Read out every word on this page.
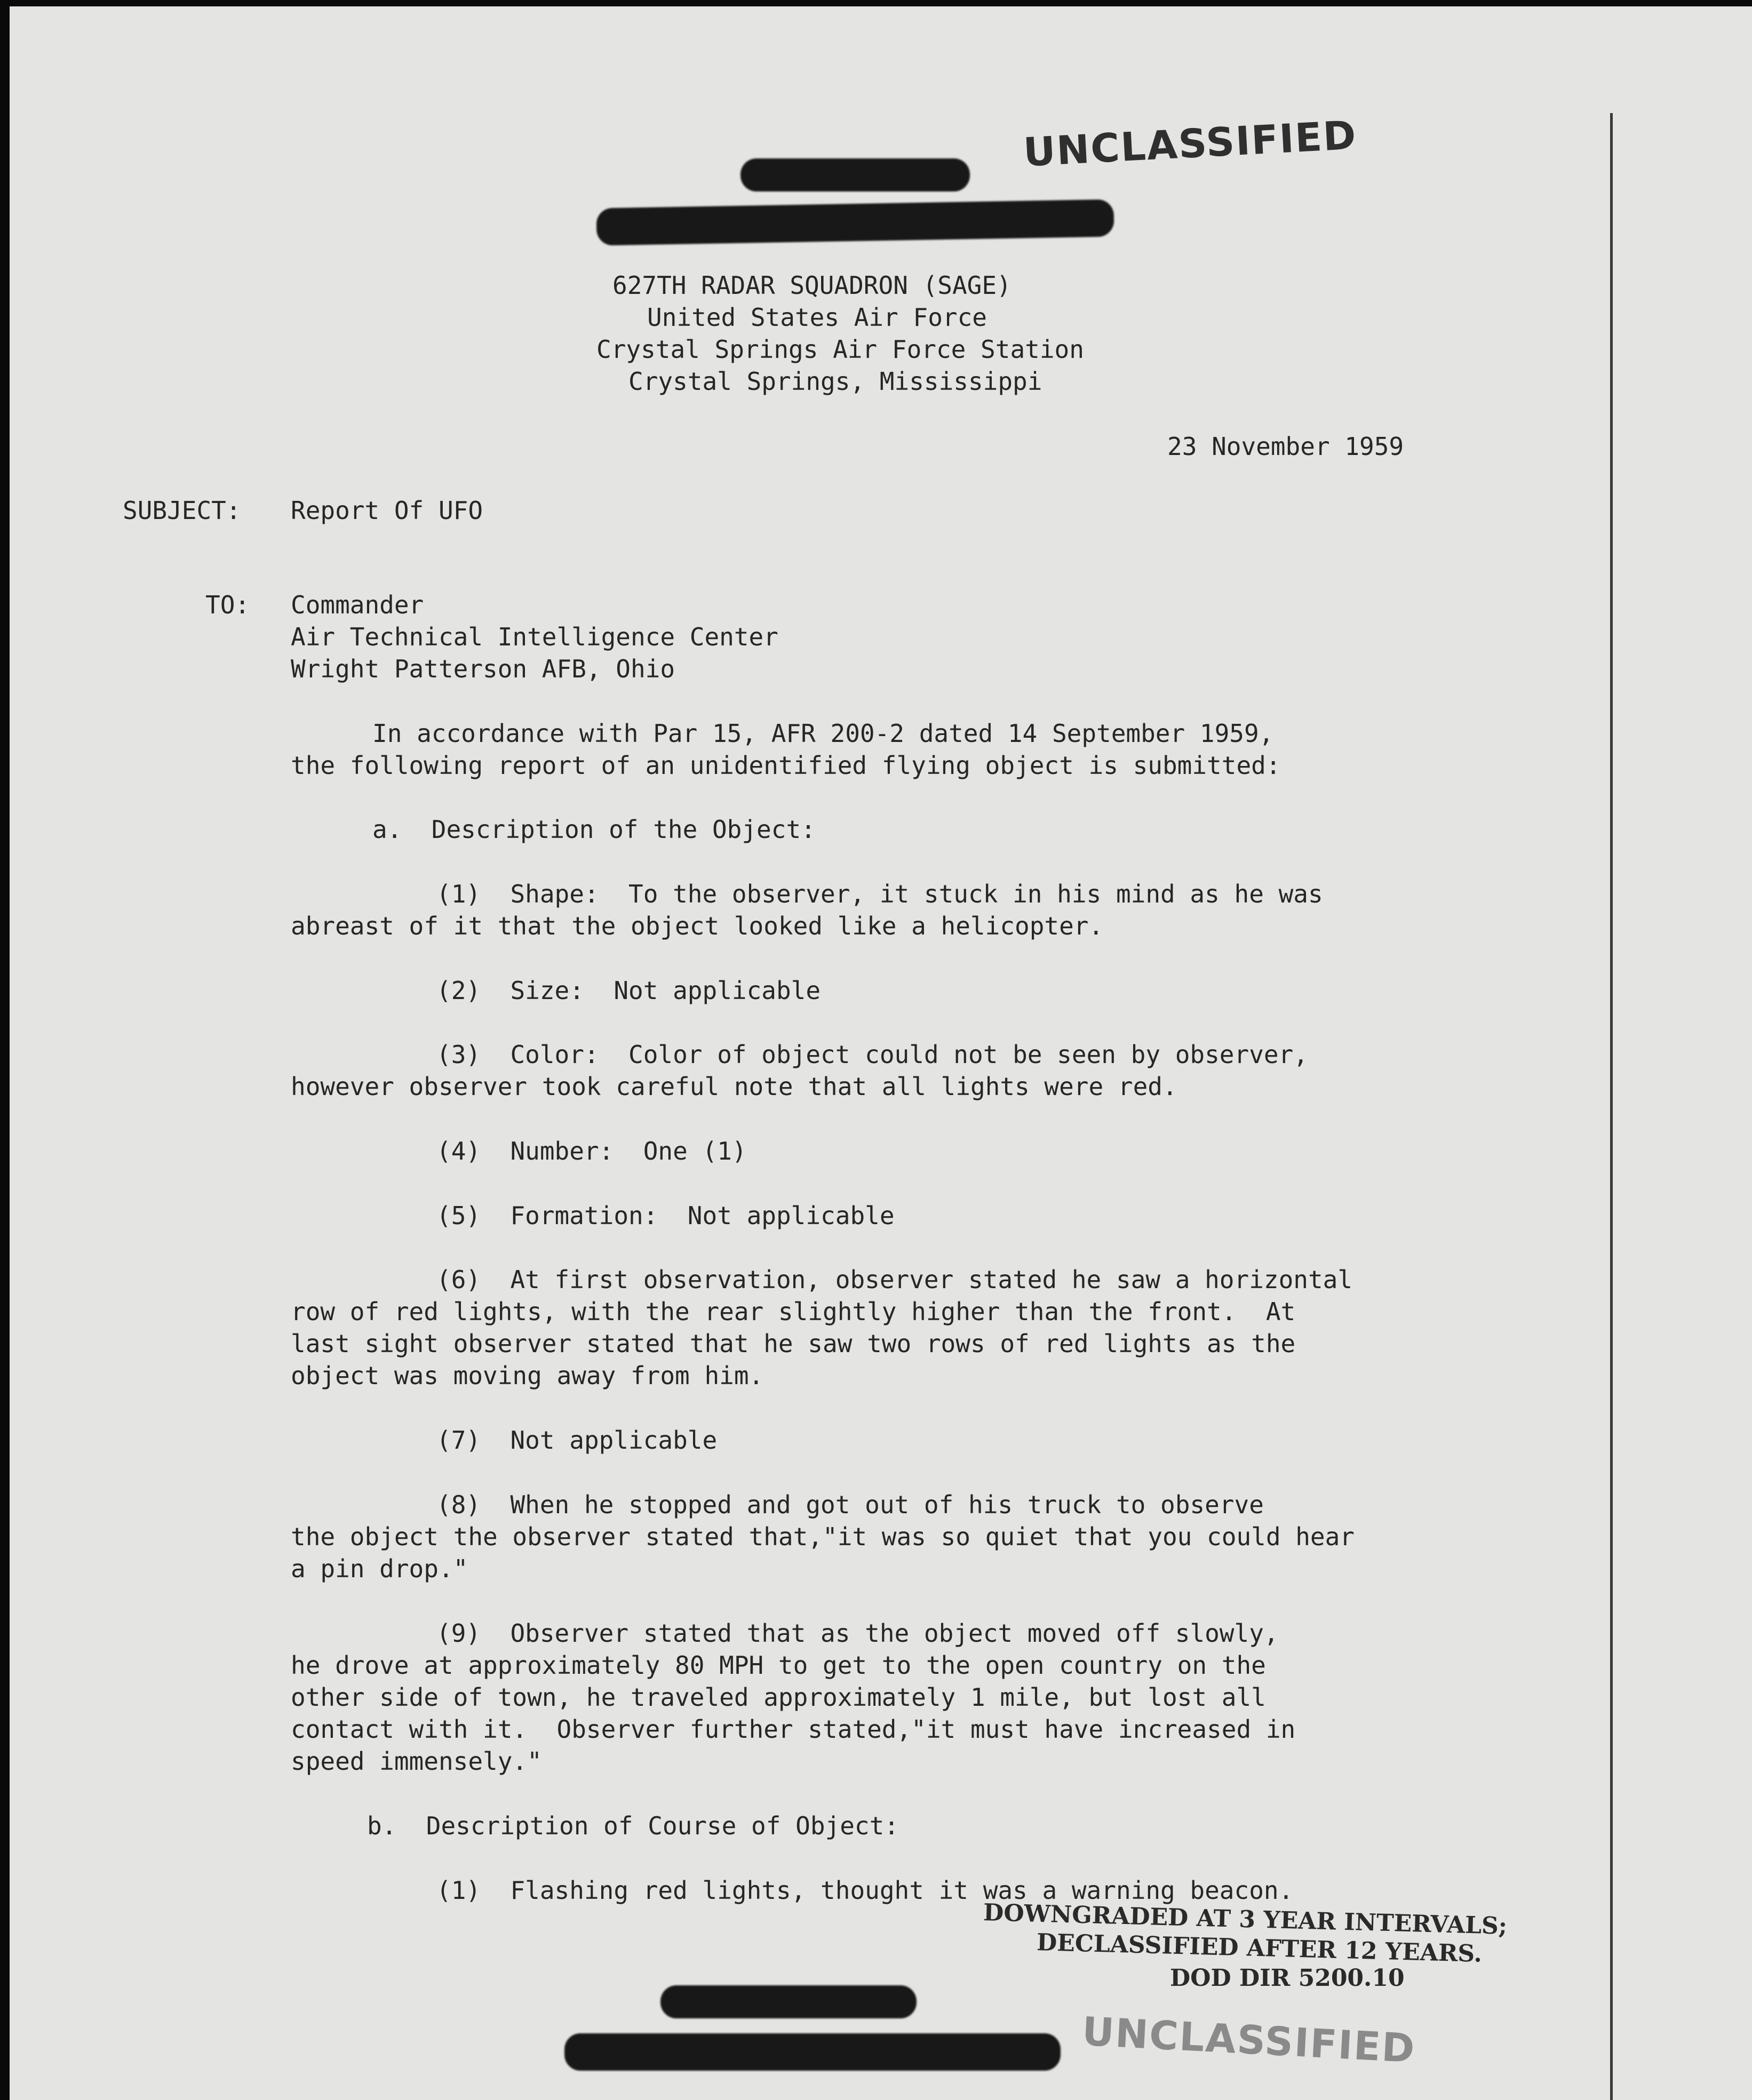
UNCLASSIFIED
627TH RADAR SQUADRON (SAGE)
United States Air Force
Crystal Springs Air Force Station
Crystal Springs, Mississippi
23 November 1959
SUBJECT: Report Of UFO
TO: Commander
Air Technical Intelligence Center
Wright Patterson AFB, Ohio
In accordance with Par 15, AFR 200-2 dated 14 September 1959,
the following report of an unidentified flying object is submitted:
a.  Description of the Object:
(1)  Shape:  To the observer, it stuck in his mind as he was
abreast of it that the object looked like a helicopter.
(2)  Size:  Not applicable
(3)  Color:  Color of object could not be seen by observer,
however observer took careful note that all lights were red.
(4)  Number:  One (1)
(5)  Formation:  Not applicable
(6)  At first observation, observer stated he saw a horizontal
row of red lights, with the rear slightly higher than the front.  At
last sight observer stated that he saw two rows of red lights as the
object was moving away from him.
(7)  Not applicable
(8)  When he stopped and got out of his truck to observe
the object the observer stated that,"it was so quiet that you could hear
a pin drop."
(9)  Observer stated that as the object moved off slowly,
he drove at approximately 80 MPH to get to the open country on the
other side of town, he traveled approximately 1 mile, but lost all
contact with it.  Observer further stated,"it must have increased in
speed immensely."
b.  Description of Course of Object:
(1)  Flashing red lights, thought it was a warning beacon.
DOWNGRADED AT 3 YEAR INTERVALS;
DECLASSIFIED AFTER 12 YEARS.
DOD DIR 5200.10
UNCLASSIFIED
